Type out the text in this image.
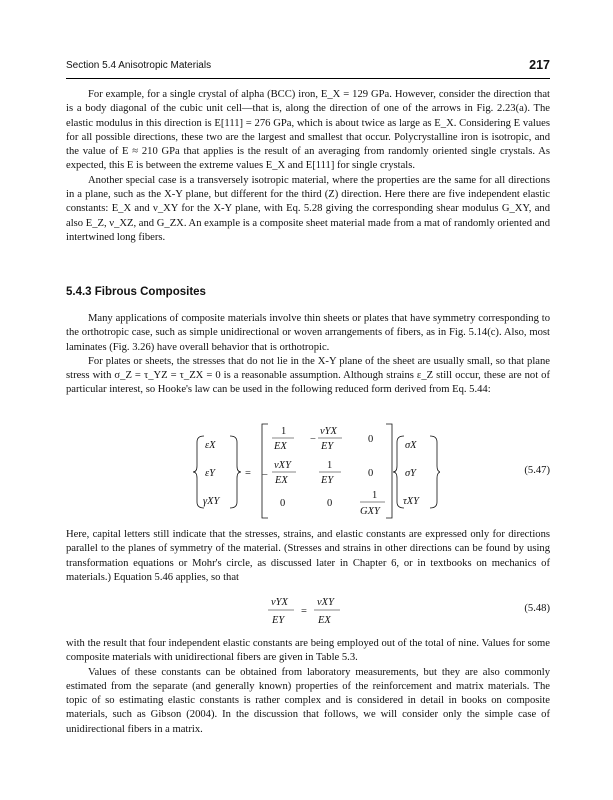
Section 5.4 Anisotropic Materials	217

For example, for a single crystal of alpha (BCC) iron, E_X = 129 GPa. However, consider the direction that is a body diagonal of the cubic unit cell—that is, along the direction of one of the arrows in Fig. 2.23(a). The elastic modulus in this direction is E[111] = 276 GPa, which is about twice as large as E_X. Considering E values for all possible directions, these two are the largest and smallest that occur. Polycrystalline iron is isotropic, and the value of E ≈ 210 GPa that applies is the result of an averaging from randomly oriented single crystals. As expected, this E is between the extreme values E_X and E[111] for single crystals.

Another special case is a transversely isotropic material, where the properties are the same for all directions in a plane, such as the X-Y plane, but different for the third (Z) direction. Here there are five independent elastic constants: E_X and ν_XY for the X-Y plane, with Eq. 5.28 giving the corresponding shear modulus G_XY, and also E_Z, ν_XZ, and G_ZX. An example is a composite sheet material made from a mat of randomly oriented and intertwined long fibers.

5.4.3 Fibrous Composites

Many applications of composite materials involve thin sheets or plates that have symmetry corresponding to the orthotropic case, such as simple unidirectional or woven arrangements of fibers, as in Fig. 5.14(c). Also, most laminates (Fig. 3.26) have overall behavior that is orthotropic.

For plates or sheets, the stresses that do not lie in the X-Y plane of the sheet are usually small, so that plane stress with σ_Z = τ_YZ = τ_ZX = 0 is a reasonable assumption. Although strains ε_Z still occur, these are not of particular interest, so Hooke's law can be used in the following reduced form derived from Eq. 5.44:

εX
εY
γXY
=
1
EX
−
νYX
EY
0
−
νXY
EX
1
EY
0
0	0
1
GXY
σX
σY
τXY
(5.47)

Here, capital letters still indicate that the stresses, strains, and elastic constants are expressed only for directions parallel to the planes of symmetry of the material. (Stresses and strains in other directions can be found by using transformation equations or Mohr's circle, as discussed later in Chapter 6, or in textbooks on mechanics of materials.) Equation 5.46 applies, so that

νYX
EY
=
νXY
EX
(5.48)

with the result that four independent elastic constants are being employed out of the total of nine. Values for some composite materials with unidirectional fibers are given in Table 5.3.

Values of these constants can be obtained from laboratory measurements, but they are also commonly estimated from the separate (and generally known) properties of the reinforcement and matrix materials. The topic of so estimating elastic constants is rather complex and is considered in detail in books on composite materials, such as Gibson (2004). In the discussion that follows, we will consider only the simple case of unidirectional fibers in a matrix.
